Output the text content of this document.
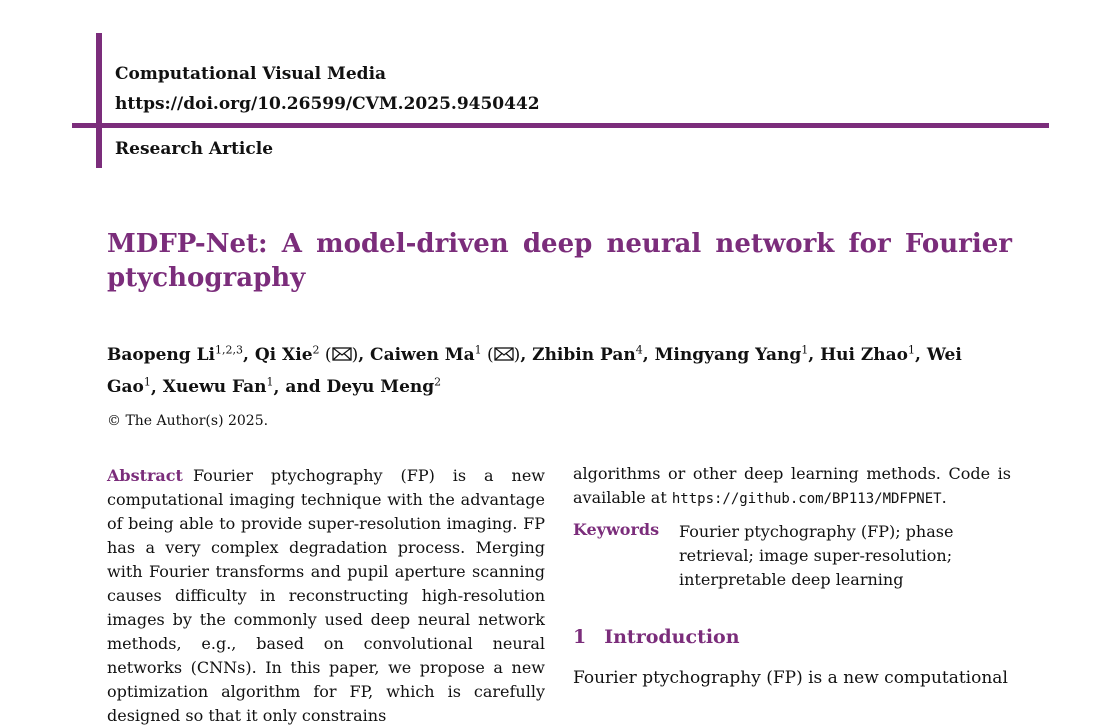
Computational Visual Media
https://doi.org/10.26599/CVM.2025.9450442
Research Article
MDFP-Net: A model-driven deep neural network for Fourier ptychography
Baopeng Li$^{1,2,3}$, Qi Xie$^2$ ( ), Caiwen Ma$^1$ ( ), Zhibin Pan$^4$, Mingyang Yang$^1$, Hui Zhao$^1$, Wei Gao$^1$, Xuewu Fan$^1$, and Deyu Meng$^2$
© The Author(s) 2025.
Abstract Fourier ptychography (FP) is a new computational imaging technique with the advantage of being able to provide super-resolution imaging. FP has a very complex degradation process. Merging with Fourier transforms and pupil aperture scanning causes difficulty in reconstructing high-resolution images by the commonly used deep neural network methods, e.g., based on convolutional neural networks (CNNs). In this paper, we propose a new optimization algorithm for FP, which is carefully designed so that it only constrains
algorithms or other deep learning methods. Code is available at https://github.com/BP113/MDFPNET.
Keywords Fourier ptychography (FP); phase retrieval; image super-resolution; interpretable deep learning
1 Introduction
Fourier ptychography (FP) is a new computational
